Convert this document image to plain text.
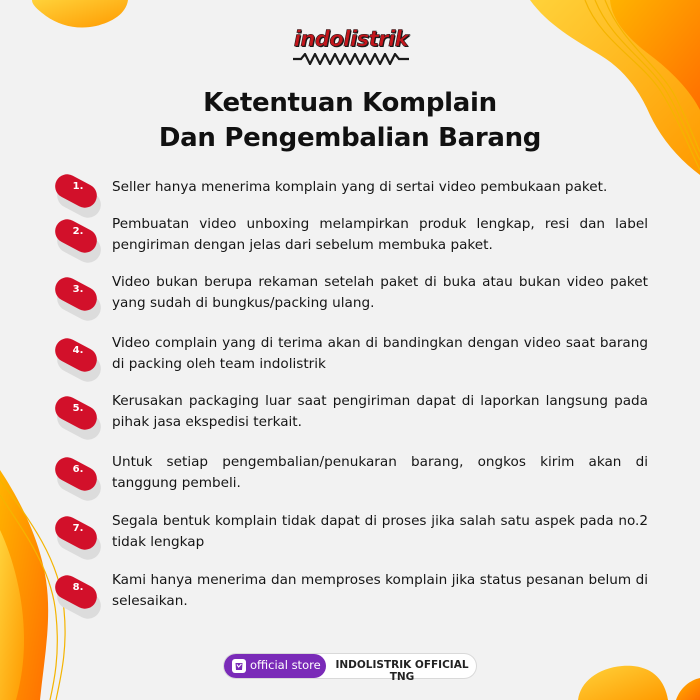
indolistrik
Ketentuan Komplain
Dan Pengembalian Barang
1.	Seller hanya menerima komplain yang di sertai video pembukaan paket.
2.	Pembuatan video unboxing melampirkan produk lengkap, resi dan label pengiriman dengan jelas dari sebelum membuka paket.
3.	Video bukan berupa rekaman setelah paket di buka atau bukan video paket yang sudah di bungkus/packing ulang.
4.	Video complain yang di terima akan di bandingkan dengan video saat barang di packing oleh team indolistrik
5.	Kerusakan packaging luar saat pengiriman dapat di laporkan langsung pada pihak jasa ekspedisi terkait.
6.	Untuk setiap pengembalian/penukaran barang, ongkos kirim akan di tanggung pembeli.
7.	Segala bentuk komplain tidak dapat di proses jika salah satu aspek pada no.2 tidak lengkap
8.	Kami hanya menerima dan memproses komplain jika status pesanan belum di selesaikan.
official store	INDOLISTRIK OFFICIAL TNG
